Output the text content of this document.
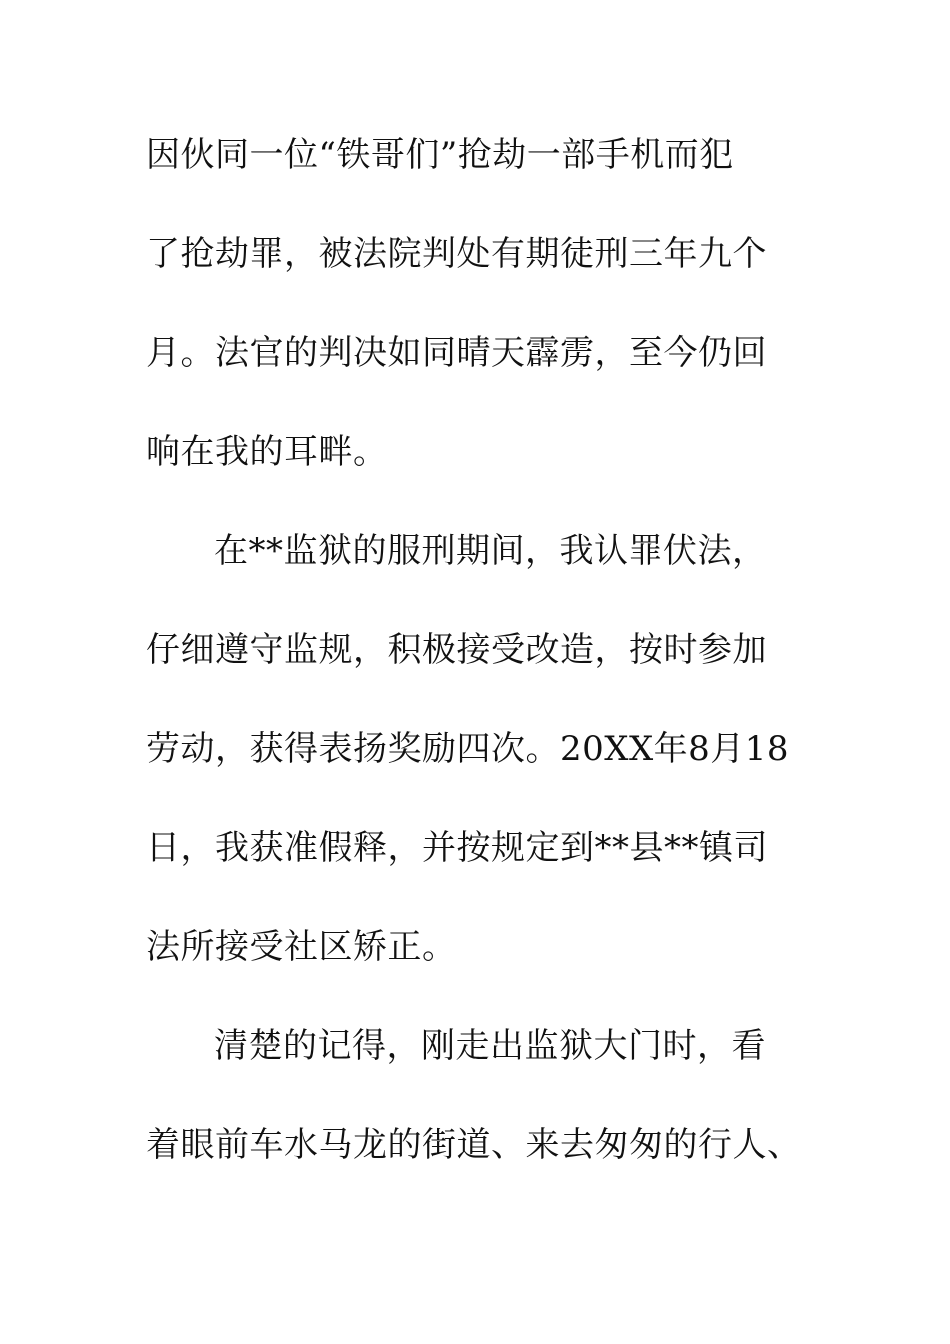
因伙同一位“铁哥们”抢劫一部手机而犯
了抢劫罪，被法院判处有期徒刑三年九个
月。法官的判决如同晴天霹雳，至今仍回
响在我的耳畔。
在**监狱的服刑期间，我认罪伏法，
仔细遵守监规，积极接受改造，按时参加
劳动，获得表扬奖励四次。20XX年8月18
日，我获准假释，并按规定到**县**镇司
法所接受社区矫正。
清楚的记得，刚走出监狱大门时，看
着眼前车水马龙的街道、来去匆匆的行人、
